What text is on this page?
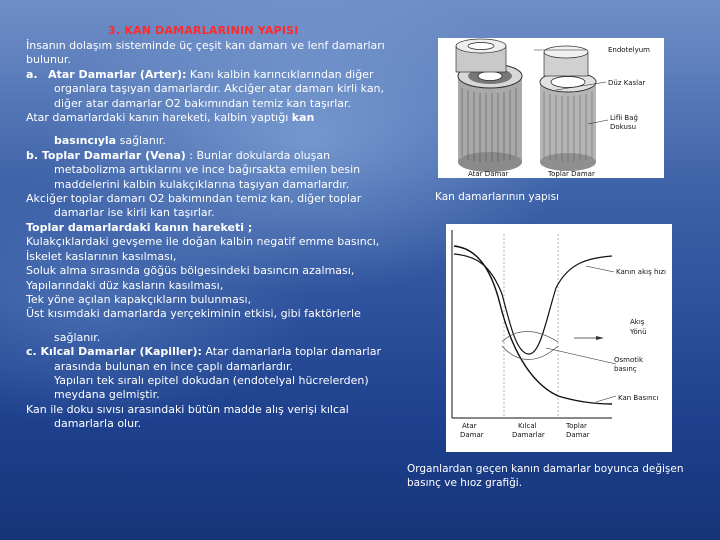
3. KAN DAMARLARININ YAPISI

İnsanın dolaşım sisteminde üç çeşit kan damarı ve lenf damarları bulunur.

a. Atar Damarlar (Arter): Kanı kalbin karıncıklarından diğer organlara taşıyan damarlardır. Akciğer atar damarı kirli kan, diğer atar damarlar O2 bakımından temiz kan taşırlar.

Atar damarlardaki kanın hareketi, kalbin yaptığı kan

basıncıyla sağlanır.

b. Toplar Damarlar (Vena) : Bunlar dokularda oluşan metabolizma artıklarını ve ince bağırsakta emilen besin maddelerini kalbin kulakçıklarına taşıyan damarlardır.

Akciğer toplar damarı O2 bakımından temiz kan, diğer toplar damarlar ise kirli kan taşırlar.

Toplar damarlardaki kanın hareketi ;

Kulakçıklardaki gevşeme ile doğan kalbin negatif emme basıncı,

İskelet kaslarının kasılması,

Soluk alma sırasında göğüs bölgesindeki basıncın azalması,

Yapılarındaki düz kasların kasılması,

Tek yöne açılan kapakçıkların bulunması,

Üst kısımdaki damarlarda yerçekiminin etkisi, gibi faktörlerle

sağlanır.

c. Kılcal Damarlar (Kapiller): Atar damarlarla toplar damarlar arasında bulunan en ince çaplı damarlardır.

Yapıları tek sıralı epitel dokudan (endotelyal hücrelerden) meydana gelmiştir.

Kan ile doku sıvısı arasındaki bütün madde alış verişi kılcal damarlarla olur.

Endotelyum
Düz Kaslar
Lifli Bağ
Dokusu
Atar Damar	Toplar Damar
Kan damarlarının yapısı
Kanın akış hızı
Akış
Yönü
Osmotik
basınç
Kan Basıncı
Atar
Damar
Kılcal
Damarlar
Toplar
Damar
Organlardan geçen kanın damarlar boyunca değişen basınç ve hıoz grafiği.
